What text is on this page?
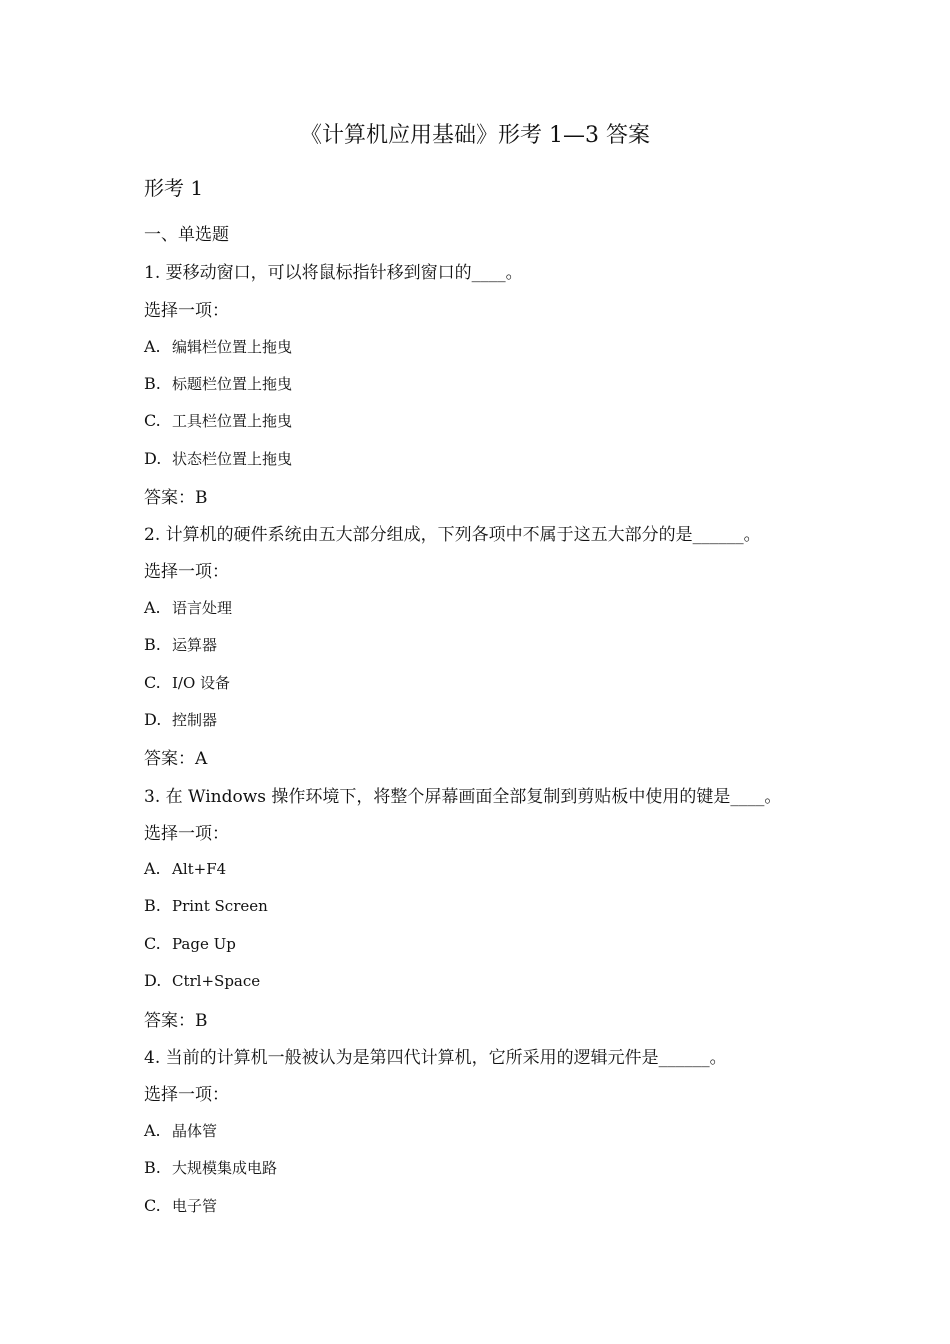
《计算机应用基础》形考 1—3 答案
形考 1
一、单选题
1. 要移动窗口，可以将鼠标指针移到窗口的____。
选择一项：
A. 编辑栏位置上拖曳
B. 标题栏位置上拖曳
C. 工具栏位置上拖曳
D. 状态栏位置上拖曳
答案：B
2. 计算机的硬件系统由五大部分组成，下列各项中不属于这五大部分的是______。
选择一项：
A. 语言处理
B. 运算器
C. I/O 设备
D. 控制器
答案：A
3. 在 Windows 操作环境下，将整个屏幕画面全部复制到剪贴板中使用的键是____。
选择一项：
A. Alt+F4
B. Print Screen
C. Page Up
D. Ctrl+Space
答案：B
4. 当前的计算机一般被认为是第四代计算机，它所采用的逻辑元件是______。
选择一项：
A. 晶体管
B. 大规模集成电路
C. 电子管
